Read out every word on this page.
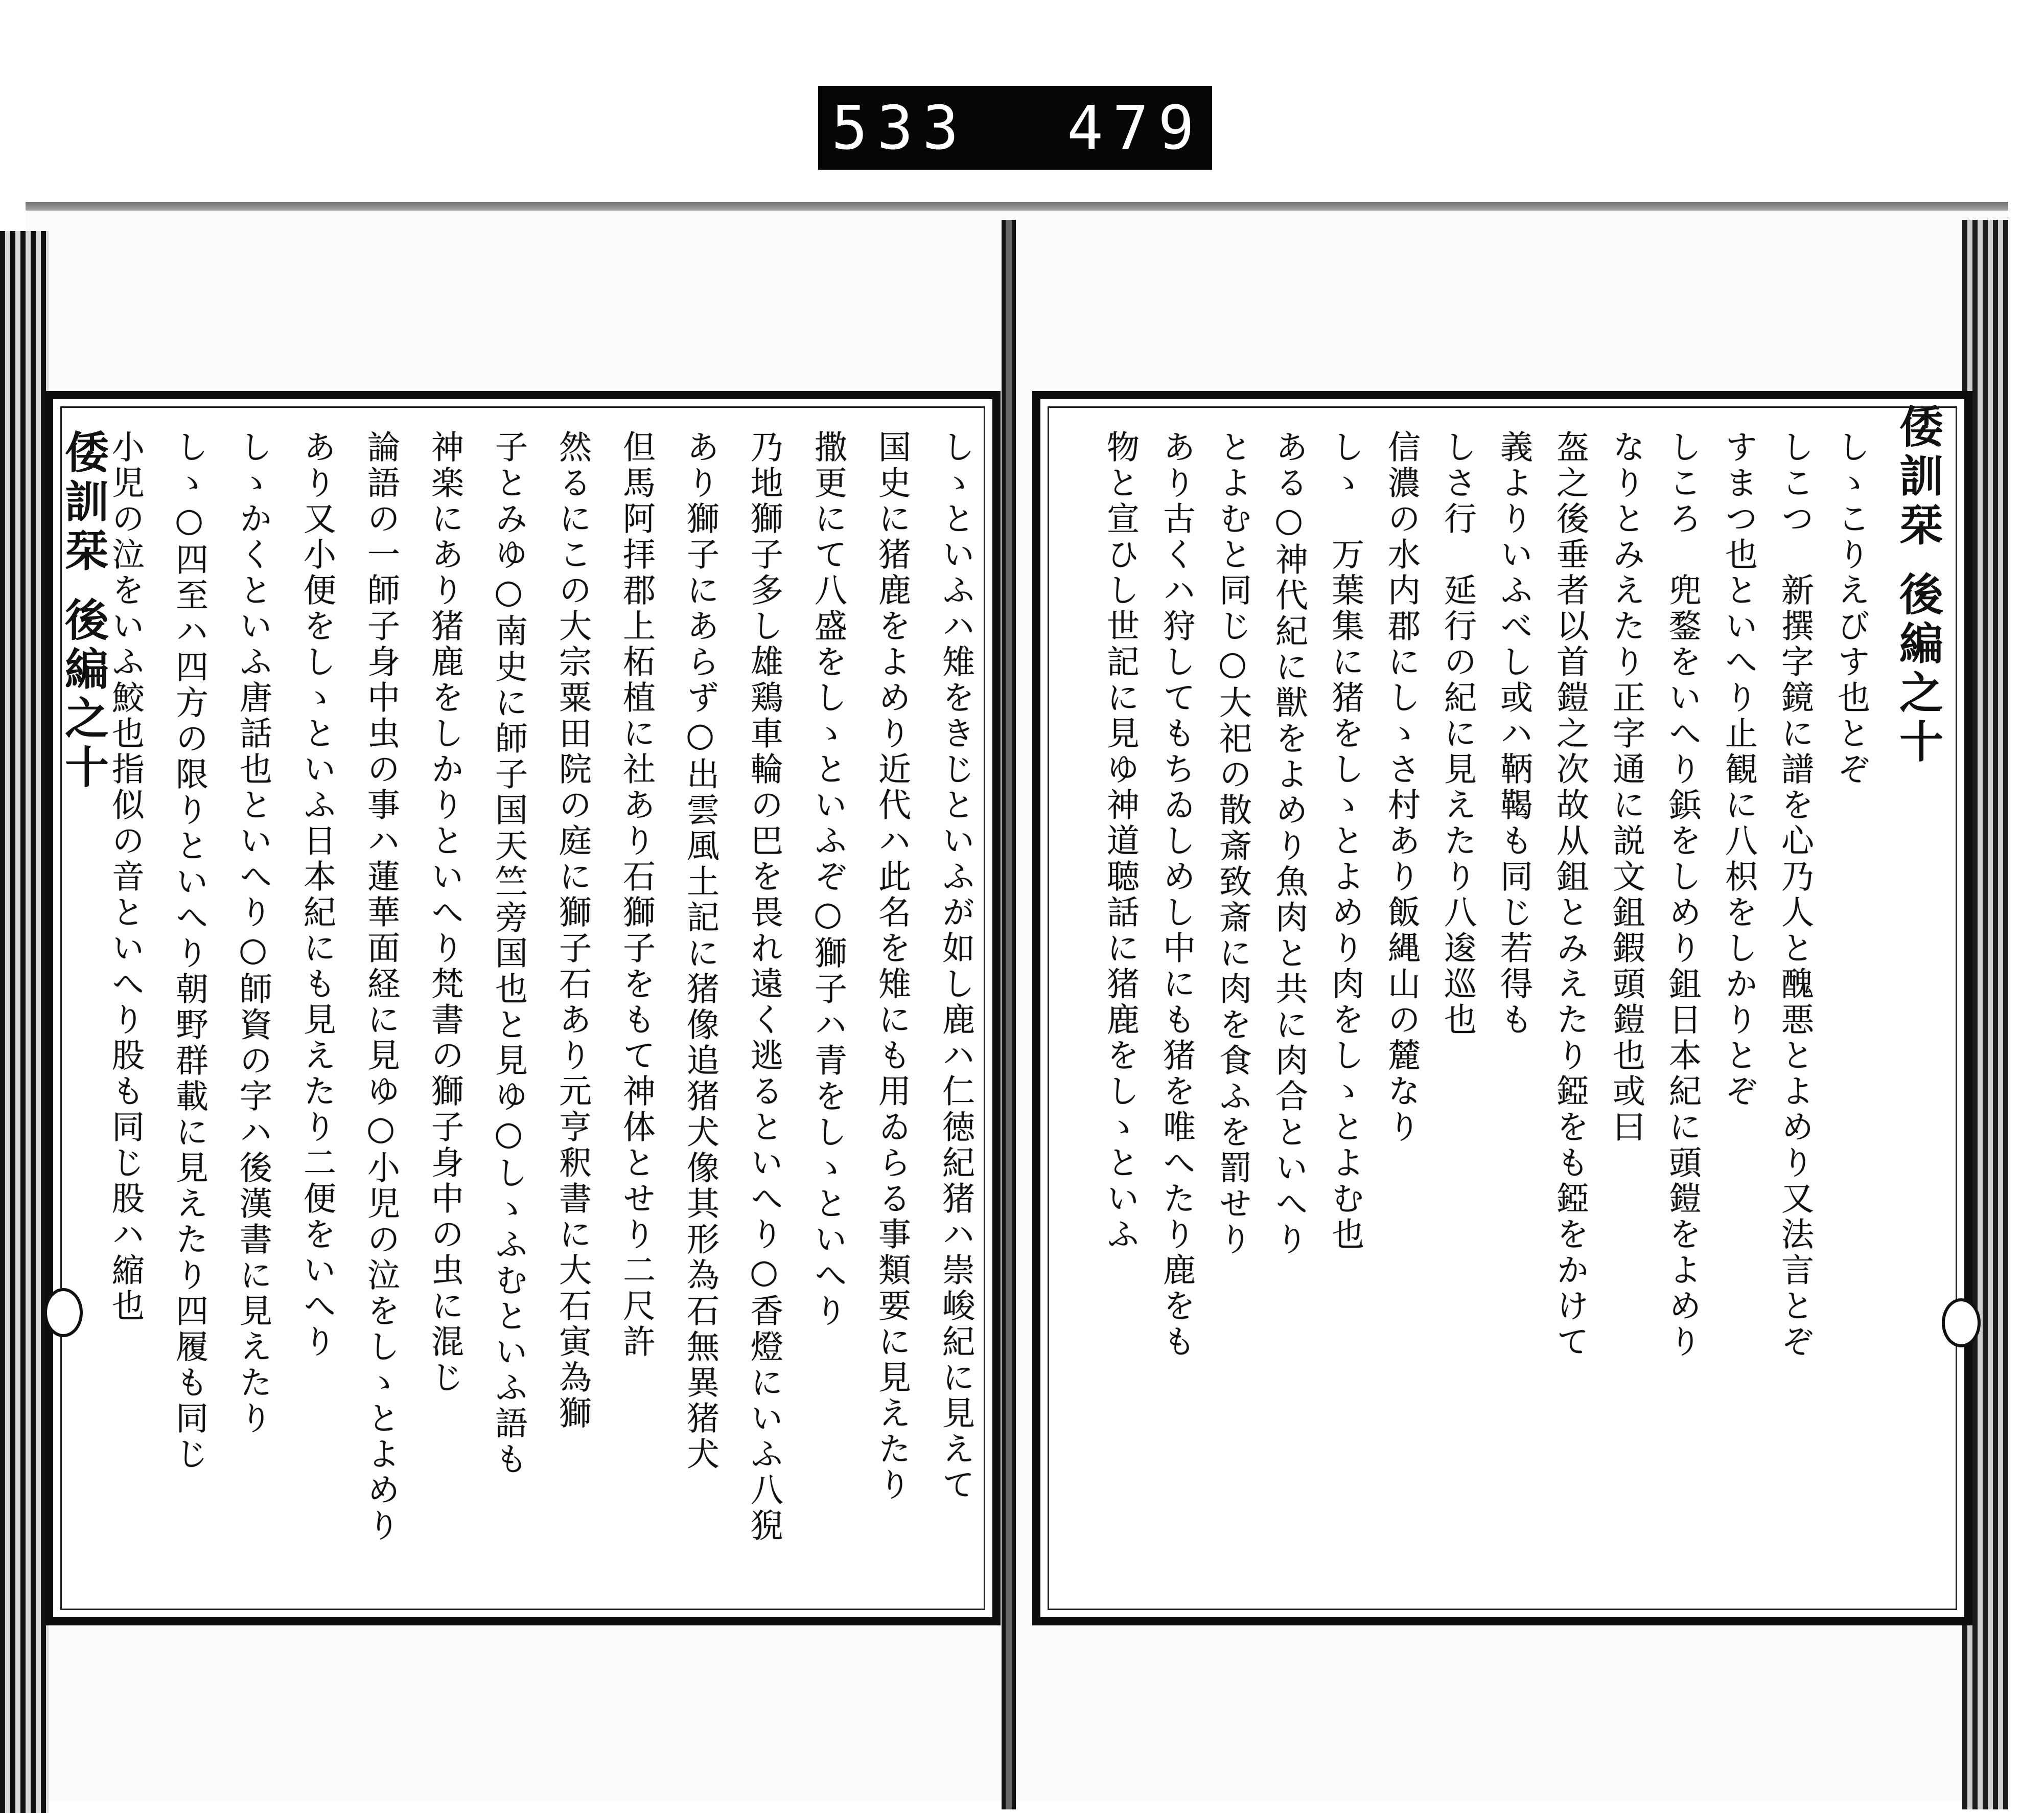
533 479
しゝといふハ雉をきじといふが如し鹿ハ仁徳紀猪ハ崇峻紀に見えて
国史に猪鹿をよめり近代ハ此名を雉にも用ゐらる事類要に見えたり
撒更にて八盛をしゝといふぞ○獅子ハ青をしゝといへり
乃地獅子多し雄鶏車輪の巴を畏れ遠く逃るといへり○香燈にいふ八猊
あり獅子にあらず○出雲風土記に猪像追猪犬像其形為石無異猪犬
但馬阿拝郡上柘植に社あり石獅子をもて神体とせり二尺許
然るにこの大宗粟田院の庭に獅子石あり元亨釈書に大石寅為獅
子とみゆ○南史に師子国天竺旁国也と見ゆ○しゝふむといふ語も
神楽にあり猪鹿をしかりといへり梵書の獅子身中の虫に混じ
論語の一師子身中虫の事ハ蓮華面経に見ゆ○小児の泣をしゝとよめり
あり又小便をしゝといふ日本紀にも見えたり二便をいへり
しゝかくといふ唐話也といへり○師資の字ハ後漢書に見えたり
しゝ○四至ハ四方の限りといへり朝野群載に見えたり四履も同じ
小児の泣をいふ鮫也指似の音といへり股も同じ股ハ縮也	しゝこりえびす也とぞ
しこつ　新撰字鏡に譜を心乃人と醜悪とよめり又法言とぞ
すまつ也といへり止観に八枳をしかりとぞ
しころ　兜鍪をいへり鋲をしめり鉏日本紀に頭鎧をよめり
なりとみえたり正字通に説文鉏鍜頭鎧也或曰
盔之後垂者以首鎧之次故从鉏とみえたり錏をも錏をかけて
義よりいふべし或ハ鞆鞨も同じ若得も
しさ行　延行の紀に見えたり八逡巡也
信濃の水内郡にしゝさ村あり飯縄山の麓なり
しゝ　万葉集に猪をしゝとよめり肉をしゝとよむ也
ある○神代紀に獣をよめり魚肉と共に肉合といへり
とよむと同じ○大祀の散斎致斎に肉を食ふを罰せり
あり古くハ狩してもちゐしめし中にも猪を唯へたり鹿をも
物と宣ひし世記に見ゆ神道聴話に猪鹿をしゝといふ
倭訓栞 後編之十	倭訓栞 後編之十
